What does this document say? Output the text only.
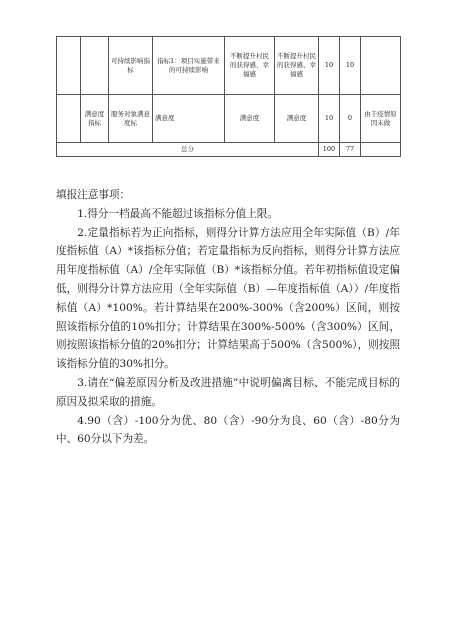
		可持续影响指标	指标1：项目实施带来的可持续影响	不断提升村民的获得感、幸福感	不断提升村民的获得感、幸福感	10	10	
	满意度指标	服务对象满意度标	满意度	满意度	满意度	10	0	由于疫情原因未做
总分						100	77	

填报注意事项：

1.得分一档最高不能超过该指标分值上限。

2.定量指标若为正向指标，则得分计算方法应用全年实际值（B）/年度指标值（A）*该指标分值；若定量指标为反向指标，则得分计算方法应用年度指标值（A）/全年实际值（B）*该指标分值。若年初指标值设定偏低，则得分计算方法应用（全年实际值（B）—年度指标值（A））/年度指标值（A）*100%。若计算结果在200%-300%（含200%）区间，则按照该指标分值的10%扣分；计算结果在300%-500%（含300%）区间，则按照该指标分值的20%扣分；计算结果高于500%（含500%），则按照该指标分值的30%扣分。

3.请在“偏差原因分析及改进措施”中说明偏离目标、不能完成目标的原因及拟采取的措施。

4.90（含）-100分为优、80（含）-90分为良、60（含）-80分为中、60分以下为差。
